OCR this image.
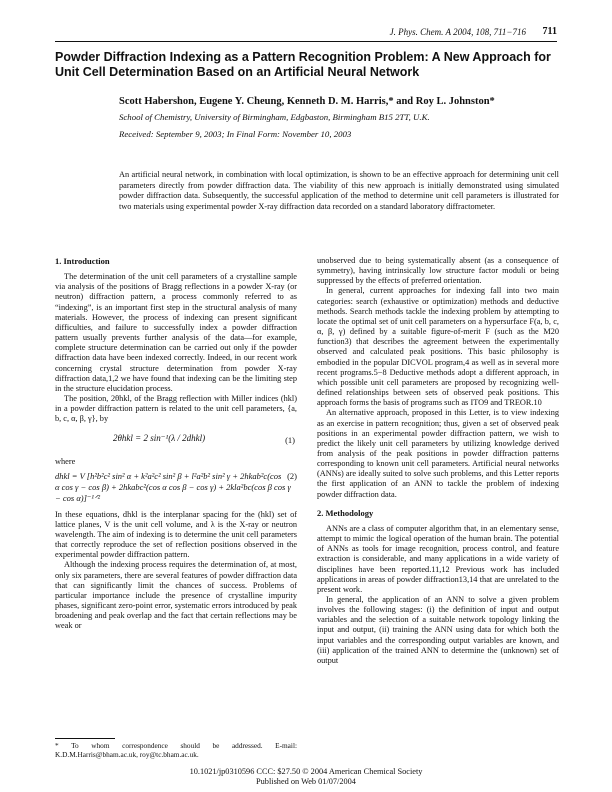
J. Phys. Chem. A 2004, 108, 711−716 711
Powder Diffraction Indexing as a Pattern Recognition Problem: A New Approach for Unit Cell Determination Based on an Artificial Neural Network
Scott Habershon, Eugene Y. Cheung, Kenneth D. M. Harris,* and Roy L. Johnston*
School of Chemistry, University of Birmingham, Edgbaston, Birmingham B15 2TT, U.K.
Received: September 9, 2003; In Final Form: November 10, 2003
An artificial neural network, in combination with local optimization, is shown to be an effective approach for determining unit cell parameters directly from powder diffraction data. The viability of this new approach is initially demonstrated using simulated powder diffraction data. Subsequently, the successful application of the method to determine unit cell parameters is illustrated for two materials using experimental powder X-ray diffraction data recorded on a standard laboratory diffractometer.
1. Introduction

The determination of the unit cell parameters of a crystalline sample via analysis of the positions of Bragg reflections in a powder X-ray (or neutron) diffraction pattern, a process commonly referred to as “indexing”, is an important first step in the structural analysis of many materials. However, the process of indexing can present significant difficulties, and failure to successfully index a powder diffraction pattern usually prevents further analysis of the data—for example, complete structure determination can be carried out only if the powder diffraction data have been indexed correctly. Indeed, in our recent work concerning crystal structure determination from powder X-ray diffraction data,1,2 we have found that indexing can be the limiting step in the structure elucidation process.

The position, 2θhkl, of the Bragg reflection with Miller indices (hkl) in a powder diffraction pattern is related to the unit cell parameters, {a, b, c, α, β, γ}, by

2θhkl = 2 sin⁻¹(λ / 2dhkl)	(1)

where

(2)
dhkl = V [h²b²c² sin² α + k²a²c² sin² β + l²a²b² sin² γ + 2hkab²c(cos α cos γ − cos β) + 2hkabc²(cos α cos β − cos γ) + 2kla²bc(cos β cos γ − cos α)]⁻¹ᐟ²

In these equations, dhkl is the interplanar spacing for the (hkl) set of lattice planes, V is the unit cell volume, and λ is the X-ray or neutron wavelength. The aim of indexing is to determine the unit cell parameters that correctly reproduce the set of reflection positions observed in the experimental powder diffraction pattern.

Although the indexing process requires the determination of, at most, only six parameters, there are several features of powder diffraction data that can significantly limit the chances of success. Problems of particular importance include the presence of crystalline impurity phases, significant zero-point error, systematic errors introduced by peak broadening and peak overlap and the fact that certain reflections may be weak or

unobserved due to being systematically absent (as a consequence of symmetry), having intrinsically low structure factor moduli or being suppressed by the effects of preferred orientation.

In general, current approaches for indexing fall into two main categories: search (exhaustive or optimization) methods and deductive methods. Search methods tackle the indexing problem by attempting to locate the optimal set of unit cell parameters on a hypersurface F(a, b, c, α, β, γ) defined by a suitable figure-of-merit F (such as the M20 function3) that describes the agreement between the experimentally observed and calculated peak positions. This basic philosophy is embodied in the popular DICVOL program,4 as well as in several more recent programs.5−8 Deductive methods adopt a different approach, in which possible unit cell parameters are proposed by recognizing well-defined relationships between sets of observed peak positions. This approach forms the basis of programs such as ITO9 and TREOR.10

An alternative approach, proposed in this Letter, is to view indexing as an exercise in pattern recognition; thus, given a set of observed peak positions in an experimental powder diffraction pattern, we wish to predict the likely unit cell parameters by utilizing knowledge derived from analysis of the peak positions in powder diffraction patterns corresponding to known unit cell parameters. Artificial neural networks (ANNs) are ideally suited to solve such problems, and this Letter reports the first application of an ANN to tackle the problem of indexing powder diffraction data.

2. Methodology

ANNs are a class of computer algorithm that, in an elementary sense, attempt to mimic the logical operation of the human brain. The potential of ANNs as tools for image recognition, process control, and feature extraction is considerable, and many applications in a wide variety of disciplines have been reported.11,12 Previous work has included applications in areas of powder diffraction13,14 that are unrelated to the present work.

In general, the application of an ANN to solve a given problem involves the following stages: (i) the definition of input and output variables and the selection of a suitable network topology linking the input and output, (ii) training the ANN using data for which both the input variables and the corresponding output variables are known, and (iii) application of the trained ANN to determine the (unknown) set of output

* To whom correspondence should be addressed. E-mail: K.D.M.Harris@bham.ac.uk, roy@tc.bham.ac.uk.
10.1021/jp0310596 CCC: $27.50 © 2004 American Chemical Society
Published on Web 01/07/2004
